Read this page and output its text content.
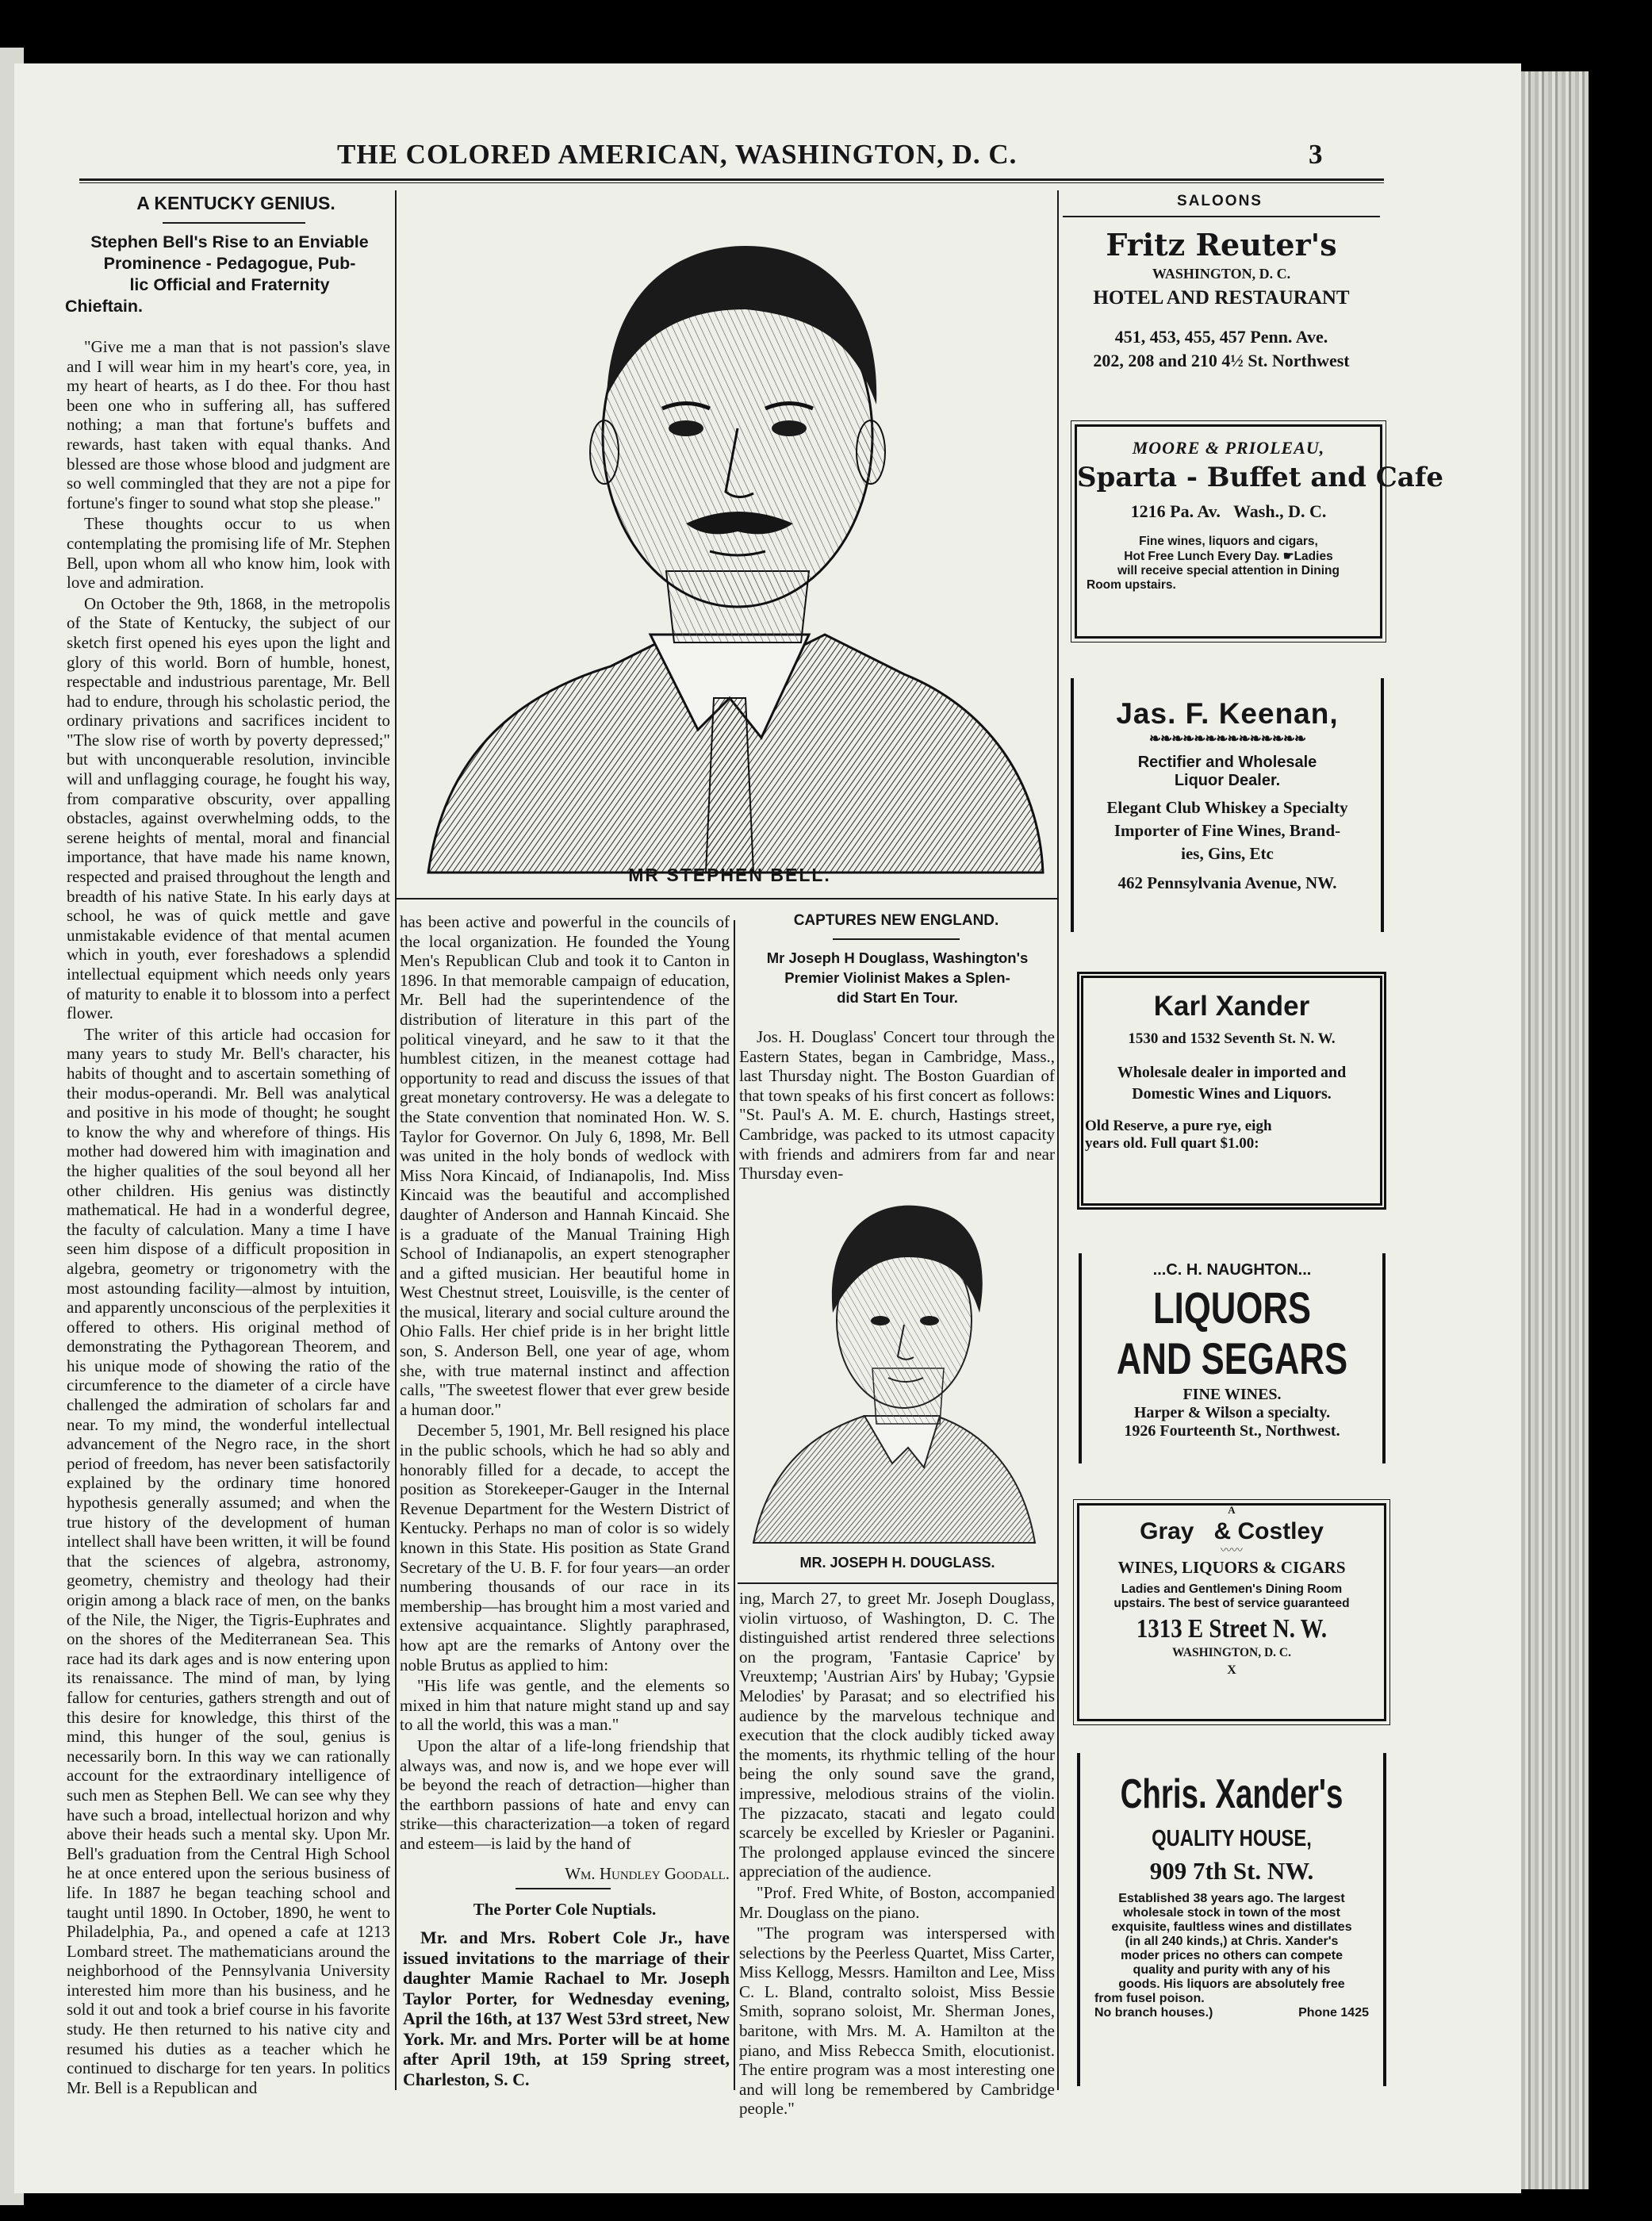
THE COLORED AMERICAN, WASHINGTON, D. C.	3
A KENTUCKY GENIUS.
Stephen Bell's Rise to an Enviable
Prominence - Pedagogue, Pub-
lic Official and Fraternity
Chieftain.

"Give me a man that is not passion's slave and I will wear him in my heart's core, yea, in my heart of hearts, as I do thee. For thou hast been one who in suffering all, has suffered nothing; a man that fortune's buffets and rewards, hast taken with equal thanks. And blessed are those whose blood and judgment are so well commingled that they are not a pipe for fortune's finger to sound what stop she please."

These thoughts occur to us when contemplating the promising life of Mr. Stephen Bell, upon whom all who know him, look with love and admiration.

On October the 9th, 1868, in the metropolis of the State of Kentucky, the subject of our sketch first opened his eyes upon the light and glory of this world. Born of humble, honest, respectable and industrious parentage, Mr. Bell had to endure, through his scholastic period, the ordinary privations and sacrifices incident to "The slow rise of worth by poverty depressed;" but with unconquerable resolution, invincible will and unflagging courage, he fought his way, from comparative obscurity, over appalling obstacles, against overwhelming odds, to the serene heights of mental, moral and financial importance, that have made his name known, respected and praised throughout the length and breadth of his native State. In his early days at school, he was of quick mettle and gave unmistakable evidence of that mental acumen which in youth, ever foreshadows a splendid intellectual equipment which needs only years of maturity to enable it to blossom into a perfect flower.

The writer of this article had occasion for many years to study Mr. Bell's character, his habits of thought and to ascertain something of their modus-operandi. Mr. Bell was analytical and positive in his mode of thought; he sought to know the why and wherefore of things. His mother had dowered him with imagination and the higher qualities of the soul beyond all her other children. His genius was distinctly mathematical. He had in a wonderful degree, the faculty of calculation. Many a time I have seen him dispose of a difficult proposition in algebra, geometry or trigonometry with the most astounding facility—almost by intuition, and apparently unconscious of the perplexities it offered to others. His original method of demonstrating the Pythagorean Theorem, and his unique mode of showing the ratio of the circumference to the diameter of a circle have challenged the admiration of scholars far and near. To my mind, the wonderful intellectual advancement of the Negro race, in the short period of freedom, has never been satisfactorily explained by the ordinary time honored hypothesis generally assumed; and when the true history of the development of human intellect shall have been written, it will be found that the sciences of algebra, astronomy, geometry, chemistry and theology had their origin among a black race of men, on the banks of the Nile, the Niger, the Tigris-Euphrates and on the shores of the Mediterranean Sea. This race had its dark ages and is now entering upon its renaissance. The mind of man, by lying fallow for centuries, gathers strength and out of this desire for knowledge, this thirst of the mind, this hunger of the soul, genius is necessarily born. In this way we can rationally account for the extraordinary intelligence of such men as Stephen Bell. We can see why they have such a broad, intellectual horizon and why above their heads such a mental sky. Upon Mr. Bell's graduation from the Central High School he at once entered upon the serious business of life. In 1887 he began teaching school and taught until 1890. In October, 1890, he went to Philadelphia, Pa., and opened a cafe at 1213 Lombard street. The mathematicians around the neighborhood of the Pennsylvania University interested him more than his business, and he sold it out and took a brief course in his favorite study. He then returned to his native city and resumed his duties as a teacher which he continued to discharge for ten years. In politics Mr. Bell is a Republican and

MR STEPHEN BELL.

has been active and powerful in the councils of the local organization. He founded the Young Men's Republican Club and took it to Canton in 1896. In that memorable campaign of education, Mr. Bell had the superintendence of the distribution of literature in this part of the political vineyard, and he saw to it that the humblest citizen, in the meanest cottage had opportunity to read and discuss the issues of that great monetary controversy. He was a delegate to the State convention that nominated Hon. W. S. Taylor for Governor. On July 6, 1898, Mr. Bell was united in the holy bonds of wedlock with Miss Nora Kincaid, of Indianapolis, Ind. Miss Kincaid was the beautiful and accomplished daughter of Anderson and Hannah Kincaid. She is a graduate of the Manual Training High School of Indianapolis, an expert stenographer and a gifted musician. Her beautiful home in West Chestnut street, Louisville, is the center of the musical, literary and social culture around the Ohio Falls. Her chief pride is in her bright little son, S. Anderson Bell, one year of age, whom she, with true maternal instinct and affection calls, "The sweetest flower that ever grew beside a human door."

December 5, 1901, Mr. Bell resigned his place in the public schools, which he had so ably and honorably filled for a decade, to accept the position as Storekeeper-Gauger in the Internal Revenue Department for the Western District of Kentucky. Perhaps no man of color is so widely known in this State. His position as State Grand Secretary of the U. B. F. for four years—an order numbering thousands of our race in its membership—has brought him a most varied and extensive acquaintance. Slightly paraphrased, how apt are the remarks of Antony over the noble Brutus as applied to him:

"His life was gentle, and the elements so mixed in him that nature might stand up and say to all the world, this was a man."

Upon the altar of a life-long friendship that always was, and now is, and we hope ever will be beyond the reach of detraction—higher than the earthborn passions of hate and envy can strike—this characterization—a token of regard and esteem—is laid by the hand of

Wm. Hundley Goodall.
The Porter Cole Nuptials.
Mr. and Mrs. Robert Cole Jr., have issued invitations to the marriage of their daughter Mamie Rachael to Mr. Joseph Taylor Porter, for Wednesday evening, April the 16th, at 137 West 53rd street, New York. Mr. and Mrs. Porter will be at home after April 19th, at 159 Spring street, Charleston, S. C.
CAPTURES NEW ENGLAND.
Mr Joseph H Douglass, Washington's
Premier Violinist Makes a Splen-
did Start En Tour.

Jos. H. Douglass' Concert tour through the Eastern States, began in Cambridge, Mass., last Thursday night. The Boston Guardian of that town speaks of his first concert as follows: "St. Paul's A. M. E. church, Hastings street, Cambridge, was packed to its utmost capacity with friends and admirers from far and near Thursday even-

MR. JOSEPH H. DOUGLASS.

ing, March 27, to greet Mr. Joseph Douglass, violin virtuoso, of Washington, D. C. The distinguished artist rendered three selections on the program, 'Fantasie Caprice' by Vreuxtemp; 'Austrian Airs' by Hubay; 'Gypsie Melodies' by Parasat; and so electrified his audience by the marvelous technique and execution that the clock audibly ticked away the moments, its rhythmic telling of the hour being the only sound save the grand, impressive, melodious strains of the violin. The pizzacato, stacati and legato could scarcely be excelled by Kriesler or Paganini. The prolonged applause evinced the sincere appreciation of the audience.

"Prof. Fred White, of Boston, accompanied Mr. Douglass on the piano.

"The program was interspersed with selections by the Peerless Quartet, Miss Carter, Miss Kellogg, Messrs. Hamilton and Lee, Miss C. L. Bland, contralto soloist, Miss Bessie Smith, soprano soloist, Mr. Sherman Jones, baritone, with Mrs. M. A. Hamilton at the piano, and Miss Rebecca Smith, elocutionist. The entire program was a most interesting one and will long be remembered by Cambridge people."

SALOONS
Fritz Reuter's
WASHINGTON, D. C.
HOTEL AND RESTAURANT
451, 453, 455, 457 Penn. Ave.
202, 208 and 210 4½ St. Northwest
MOORE & PRIOLEAU,
Sparta - Buffet and Cafe
1216 Pa. Av.   Wash., D. C.
Fine wines, liquors and cigars,
Hot Free Lunch Every Day. ☛Ladies
will receive special attention in Dining
Room upstairs.
Jas. F. Keenan,
❧❧❧❧❧❧❧❧❧❧❧❧❧❧
Rectifier and Wholesale
Liquor Dealer.
Elegant Club Whiskey a Specialty
Importer of Fine Wines, Brand-
ies, Gins, Etc
462 Pennsylvania Avenue, NW.
Karl Xander
1530 and 1532 Seventh St. N. W.
Wholesale dealer in imported and
Domestic Wines and Liquors.
Old Reserve, a pure rye, eigh
years old. Full quart $1.00:
...C. H. NAUGHTON...
LIQUORS
AND SEGARS
FINE WINES.
Harper & Wilson a specialty.
1926 Fourteenth St., Northwest.
A
Gray & Costley
〰〰
WINES, LIQUORS & CIGARS
Ladies and Gentlemen's Dining Room
upstairs. The best of service guaranteed
1313 E Street N. W.
WASHINGTON, D. C.
X
Chris. Xander's
QUALITY HOUSE,
909 7th St. NW.
Established 38 years ago. The largest
wholesale stock in town of the most
exquisite, faultless wines and distillates
(in all 240 kinds,) at Chris. Xander's
moder prices no others can compete
quality and purity with any of his
goods. His liquors are absolutely free
from fusel poison.
No branch houses.)	Phone 1425
